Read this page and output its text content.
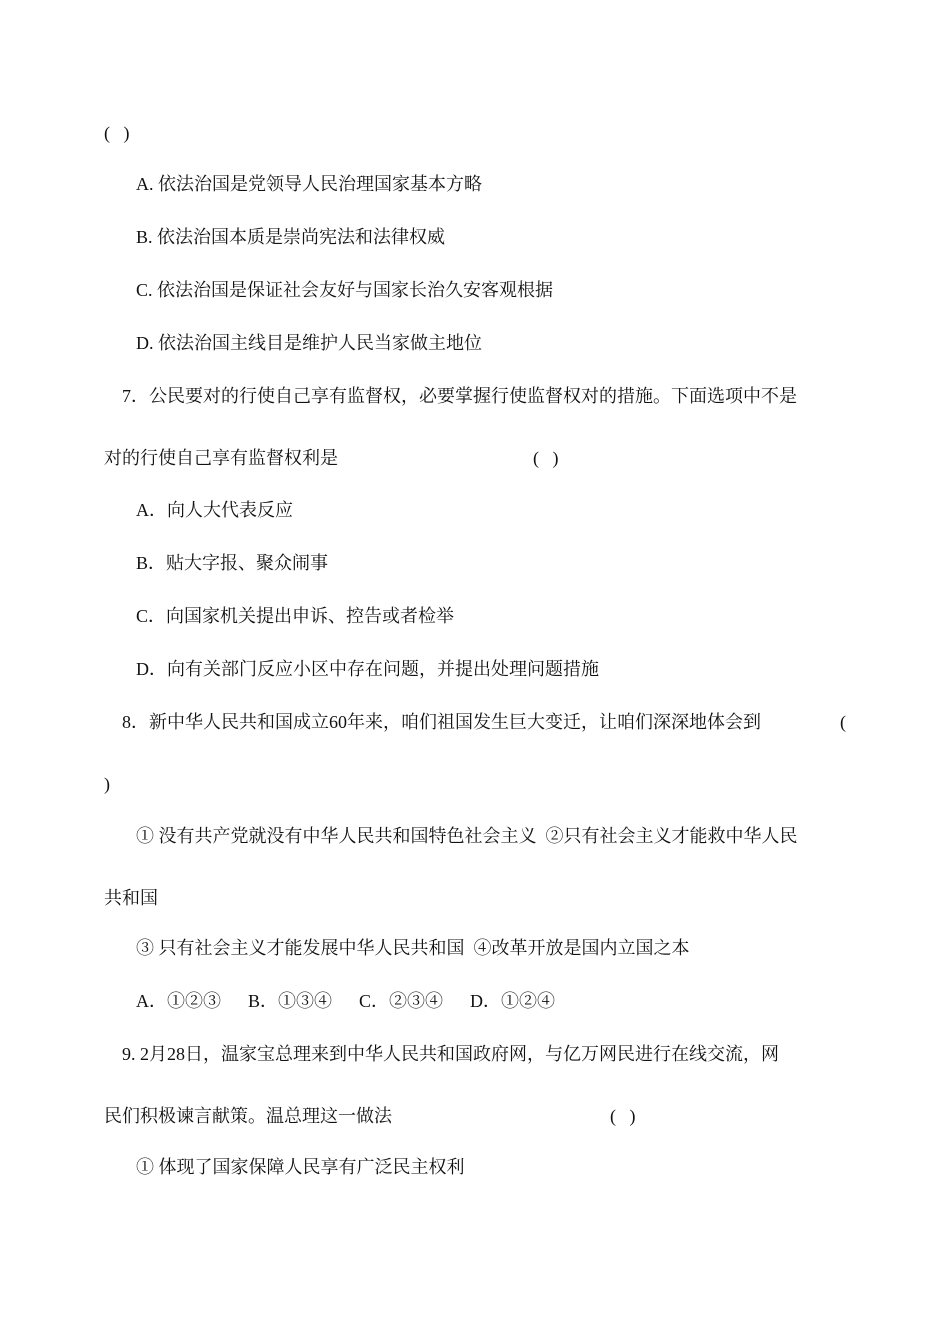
(   )
A. 依法治国是党领导人民治理国家基本方略
B. 依法治国本质是崇尚宪法和法律权威
C. 依法治国是保证社会友好与国家长治久安客观根据
D. 依法治国主线目是维护人民当家做主地位
7．公民要对的行使自己享有监督权，必要掌握行使监督权对的措施。下面选项中不是
对的行使自己享有监督权利是	(   )
A．向人大代表反应
B．贴大字报、聚众闹事
C．向国家机关提出申诉、控告或者检举
D．向有关部门反应小区中存在问题，并提出处理问题措施
8．新中华人民共和国成立60年来，咱们祖国发生巨大变迁，让咱们深深地体会到	(
)
① 没有共产党就没有中华人民共和国特色社会主义  ②只有社会主义才能救中华人民
共和国
③ 只有社会主义才能发展中华人民共和国  ④改革开放是国内立国之本
A．①②③      B．①③④      C．②③④      D．①②④
9. 2月28日，温家宝总理来到中华人民共和国政府网，与亿万网民进行在线交流，网
民们积极谏言献策。温总理这一做法	(   )
① 体现了国家保障人民享有广泛民主权利
